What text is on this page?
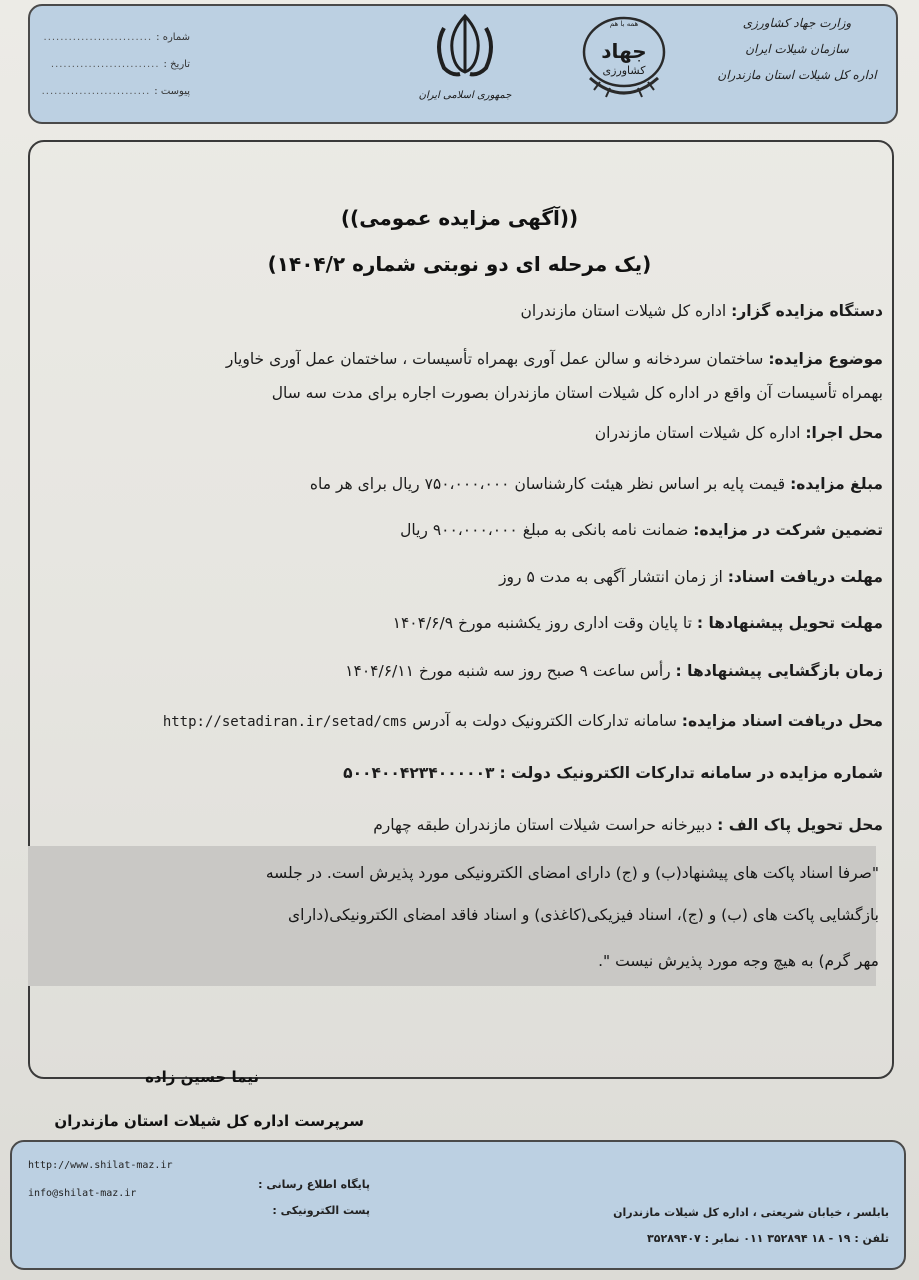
وزارت جهاد کشاورزی
سازمان شیلات ایران
اداره کل شیلات استان مازندران
همه با هم
جهاد
کشاورزی
جمهوری اسلامی ایران
شماره :
..........................
تاریخ :
..........................
پیوست :
..........................
((آگهی مزایده عمومی))
(یک مرحله ای دو نوبتی شماره ۱۴۰۴/۲)
دستگاه مزایده گزار: اداره کل شیلات استان مازندران
موضوع مزایده: ساختمان سردخانه و سالن عمل آوری بهمراه تأسیسات ، ساختمان عمل آوری خاویار
بهمراه تأسیسات آن واقع در اداره کل شیلات استان مازندران بصورت اجاره برای مدت سه سال
محل اجرا: اداره کل شیلات استان مازندران
مبلغ مزایده: قیمت پایه بر اساس نظر هیئت کارشناسان ۷۵۰،۰۰۰،۰۰۰ ریال برای هر ماه
تضمین شرکت در مزایده: ضمانت نامه بانکی به مبلغ ۹۰۰،۰۰۰،۰۰۰ ریال
مهلت دریافت اسناد: از زمان انتشار آگهی به مدت ۵ روز
مهلت تحویل پیشنهادها : تا پایان وقت اداری روز یکشنبه مورخ ۱۴۰۴/۶/۹
زمان بازگشایی پیشنهادها : رأس ساعت ۹ صبح روز سه شنبه مورخ ۱۴۰۴/۶/۱۱
محل دریافت اسناد مزایده: سامانه تدارکات الکترونیک دولت به آدرس http://setadiran.ir/setad/cms
شماره مزایده در سامانه تدارکات الکترونیک دولت : ۵۰۰۴۰۰۴۲۳۴۰۰۰۰۰۳
محل تحویل پاک الف : دبیرخانه حراست شیلات استان مازندران طبقه چهارم
"صرفا اسناد پاکت های پیشنهاد(ب) و (ج) دارای امضای الکترونیکی مورد پذیرش است. در جلسه
بازگشایی پاکت های (ب) و (ج)، اسناد فیزیکی(کاغذی) و اسناد فاقد امضای الکترونیکی(دارای
مهر گرم) به هیچ وجه مورد پذیرش نیست ".
نیما حسین زاده
سرپرست اداره کل شیلات استان مازندران
بابلسر ، خیابان شریعتی ، اداره کل شیلات مازندران
تلفن : ۱۹ - ۱۸ ۳۵۲۸۹۴ ۰۱۱ نمابر : ۳۵۲۸۹۴۰۷
پایگاه اطلاع رسانی :
پست الکترونیکی :
http://www.shilat-maz.ir
info@shilat-maz.ir
